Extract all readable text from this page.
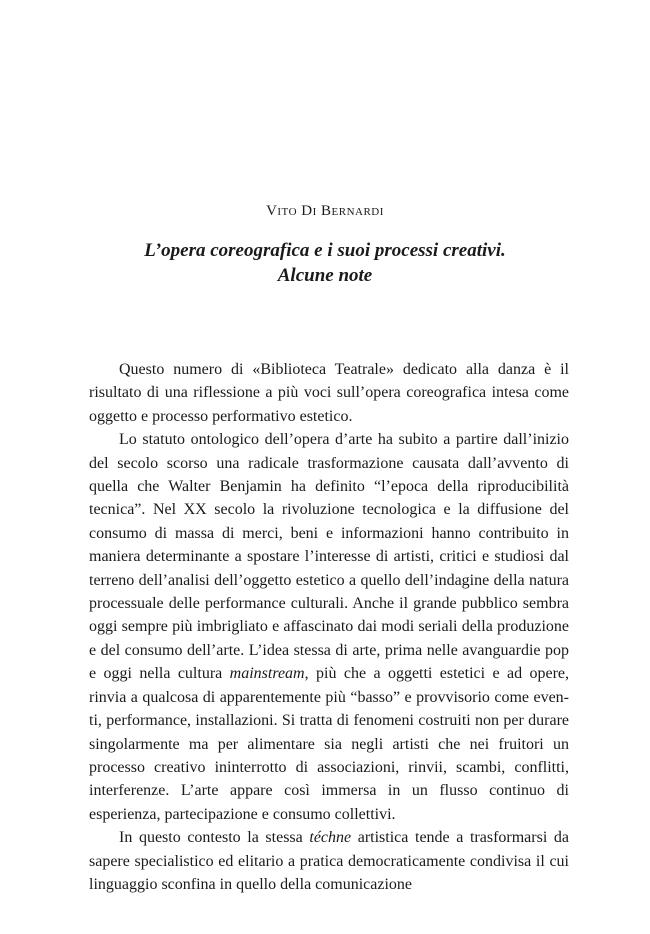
Vito Di Bernardi

L’opera coreografica e i suoi processi creativi.
Alcune note

Questo numero di «Biblioteca Teatrale» dedicato alla danza è il risultato di una riflessione a più voci sull’opera coreografica intesa come oggetto e processo performativo estetico.

Lo statuto ontologico dell’opera d’arte ha subito a partire dall’inizio del secolo scorso una radicale trasformazione causata dall’avvento di quella che Walter Benjamin ha definito “l’epoca della riproducibilità tecnica”. Nel XX secolo la rivoluzione tecnologica e la diffusione del consumo di massa di merci, beni e informazioni hanno contribuito in maniera determinante a spostare l’interesse di artisti, critici e studiosi dal terreno dell’analisi dell’oggetto estetico a quello dell’indagine della natura processuale delle performance culturali. Anche il grande pubblico sembra oggi sempre più imbrigliato e affascinato dai modi seriali della produzione e del consumo dell’arte. L’idea stessa di arte, prima nelle avanguardie pop e oggi nella cultura mainstream, più che a oggetti estetici e ad opere, rinvia a qualcosa di apparentemente più “basso” e provvisorio come eventi, performance, installazioni. Si tratta di fenomeni costruiti non per durare singolarmente ma per alimentare sia negli artisti che nei fruitori un processo creativo ininterrotto di associazioni, rinvii, scambi, conflitti, interferenze. L’arte appare così immersa in un flusso continuo di esperienza, partecipazione e consumo collettivi.

In questo contesto la stessa téchne artistica tende a trasformarsi da sapere specialistico ed elitario a pratica democraticamente condivisa il cui linguaggio sconfina in quello della comunicazione
